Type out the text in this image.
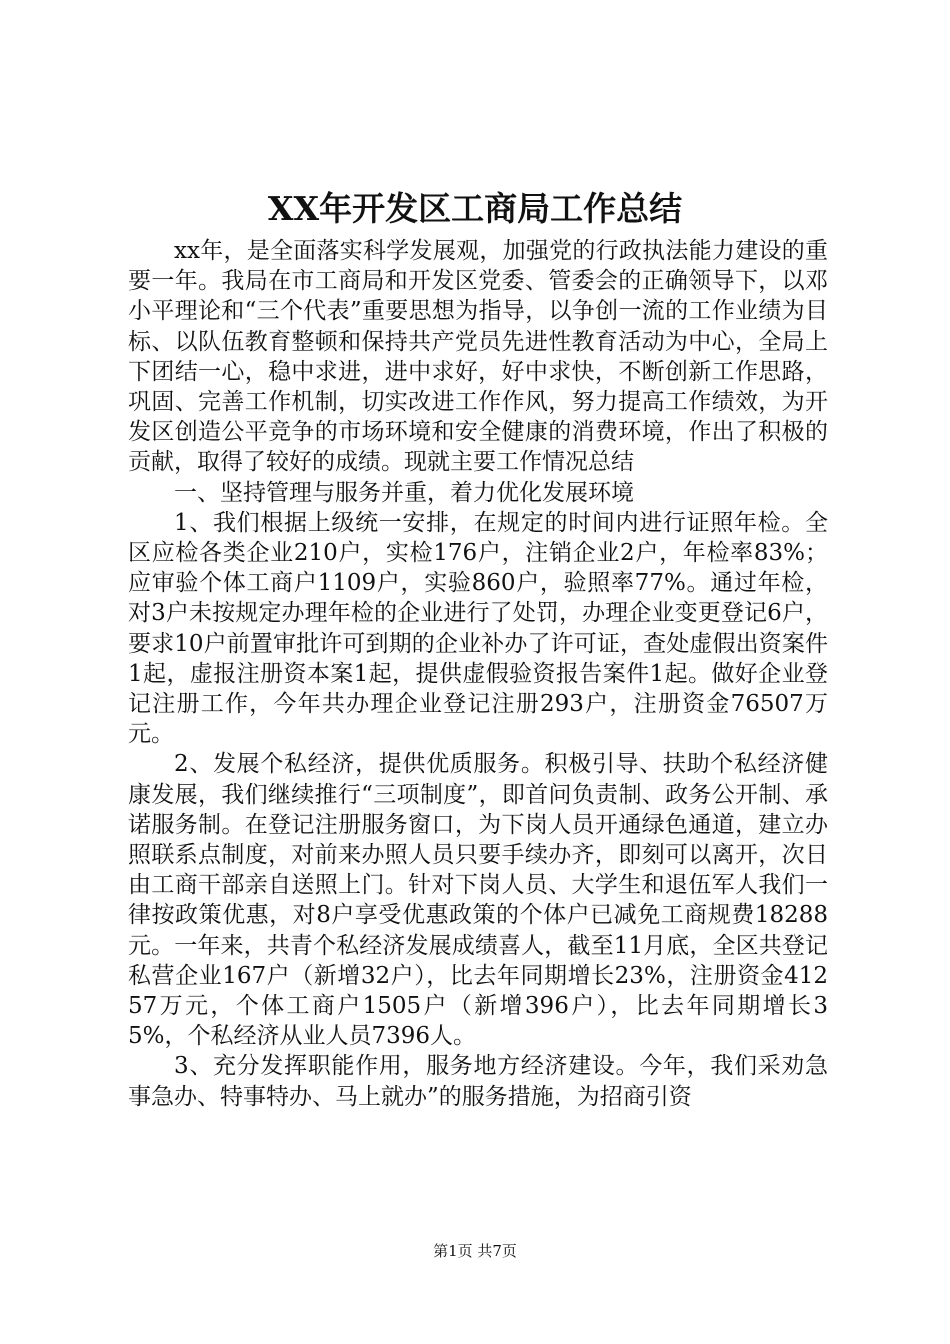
XX年开发区工商局工作总结

xx年，是全面落实科学发展观，加强党的行政执法能力建设的重要一年。我局在市工商局和开发区党委、管委会的正确领导下，以邓小平理论和“三个代表”重要思想为指导，以争创一流的工作业绩为目标、以队伍教育整顿和保持共产党员先进性教育活动为中心，全局上下团结一心，稳中求进，进中求好，好中求快，不断创新工作思路，巩固、完善工作机制，切实改进工作作风，努力提高工作绩效，为开发区创造公平竞争的市场环境和安全健康的消费环境，作出了积极的贡献，取得了较好的成绩。现就主要工作情况总结

一、坚持管理与服务并重，着力优化发展环境

1、我们根据上级统一安排，在规定的时间内进行证照年检。全区应检各类企业210户，实检176户，注销企业2户，年检率83%；应审验个体工商户1109户，实验860户，验照率77%。通过年检，对3户未按规定办理年检的企业进行了处罚，办理企业变更登记6户，要求10户前置审批许可到期的企业补办了许可证，查处虚假出资案件1起，虚报注册资本案1起，提供虚假验资报告案件1起。做好企业登记注册工作，今年共办理企业登记注册293户，注册资金76507万元。

2、发展个私经济，提供优质服务。积极引导、扶助个私经济健康发展，我们继续推行“三项制度”，即首问负责制、政务公开制、承诺服务制。在登记注册服务窗口，为下岗人员开通绿色通道，建立办照联系点制度，对前来办照人员只要手续办齐，即刻可以离开，次日由工商干部亲自送照上门。针对下岗人员、大学生和退伍军人我们一律按政策优惠，对8户享受优惠政策的个体户已减免工商规费18288元。一年来，共青个私经济发展成绩喜人，截至11月底，全区共登记私营企业167户（新增32户），比去年同期增长23%，注册资金41257万元，个体工商户1505户（新增396户），比去年同期增长35%，个私经济从业人员7396人。

3、充分发挥职能作用，服务地方经济建设。今年，我们采劝急事急办、特事特办、马上就办”的服务措施，为招商引资

第1页 共7页
